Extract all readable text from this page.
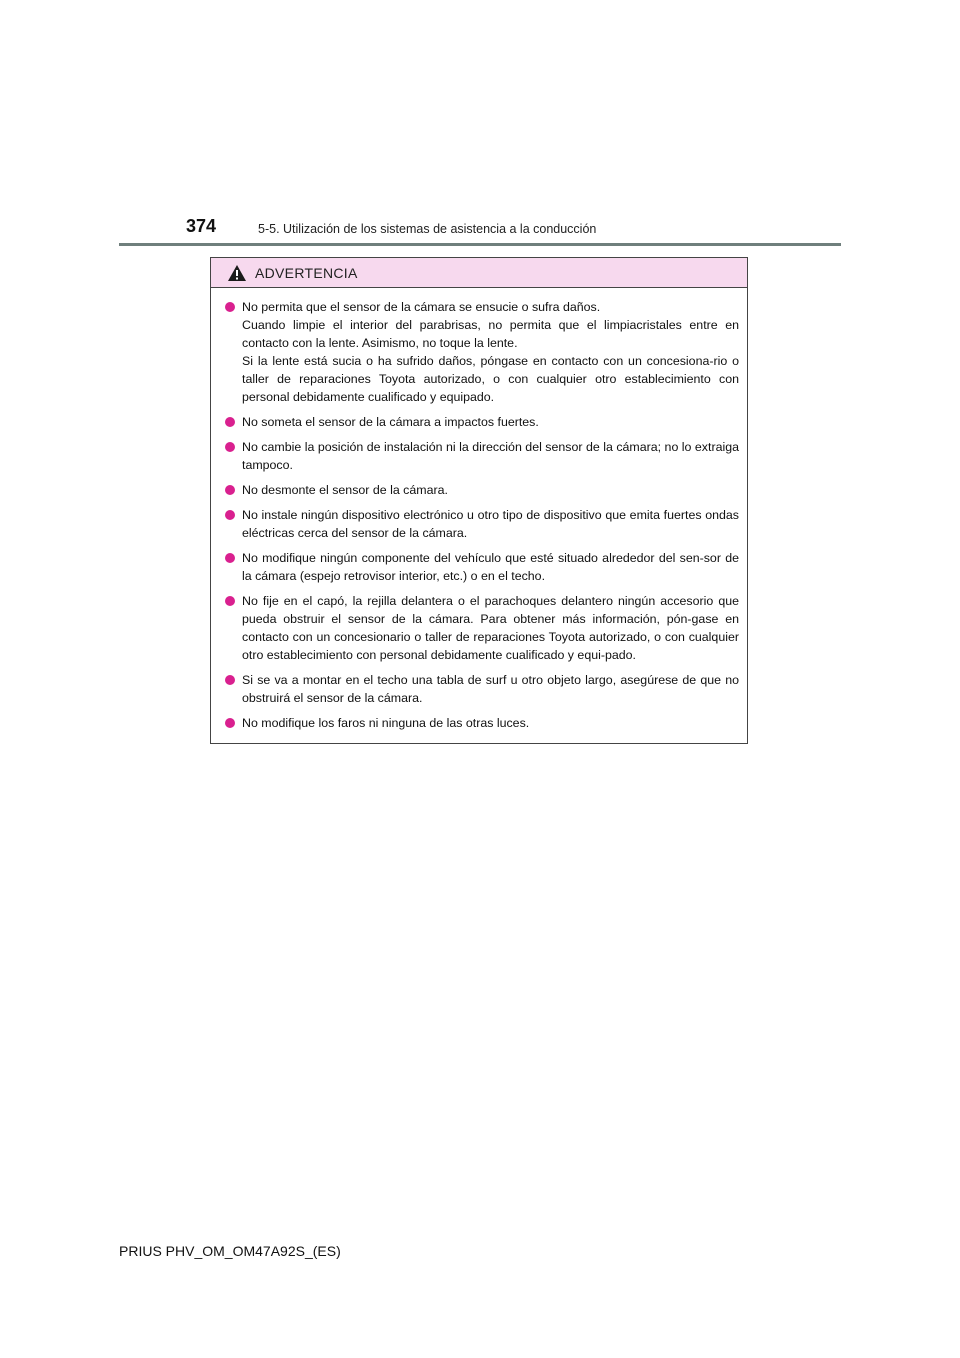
374	5-5. Utilización de los sistemas de asistencia a la conducción
ADVERTENCIA
No permita que el sensor de la cámara se ensucie o sufra daños.
Cuando limpie el interior del parabrisas, no permita que el limpiacristales entre en contacto con la lente. Asimismo, no toque la lente.
Si la lente está sucia o ha sufrido daños, póngase en contacto con un concesiona-rio o taller de reparaciones Toyota autorizado, o con cualquier otro establecimiento con personal debidamente cualificado y equipado.
No someta el sensor de la cámara a impactos fuertes.
No cambie la posición de instalación ni la dirección del sensor de la cámara; no lo extraiga tampoco.
No desmonte el sensor de la cámara.
No instale ningún dispositivo electrónico u otro tipo de dispositivo que emita fuertes ondas eléctricas cerca del sensor de la cámara.
No modifique ningún componente del vehículo que esté situado alrededor del sen-sor de la cámara (espejo retrovisor interior, etc.) o en el techo.
No fije en el capó, la rejilla delantera o el parachoques delantero ningún accesorio que pueda obstruir el sensor de la cámara. Para obtener más información, pón-gase en contacto con un concesionario o taller de reparaciones Toyota autorizado, o con cualquier otro establecimiento con personal debidamente cualificado y equi-pado.
Si se va a montar en el techo una tabla de surf u otro objeto largo, asegúrese de que no obstruirá el sensor de la cámara.
No modifique los faros ni ninguna de las otras luces.
PRIUS PHV_OM_OM47A92S_(ES)
